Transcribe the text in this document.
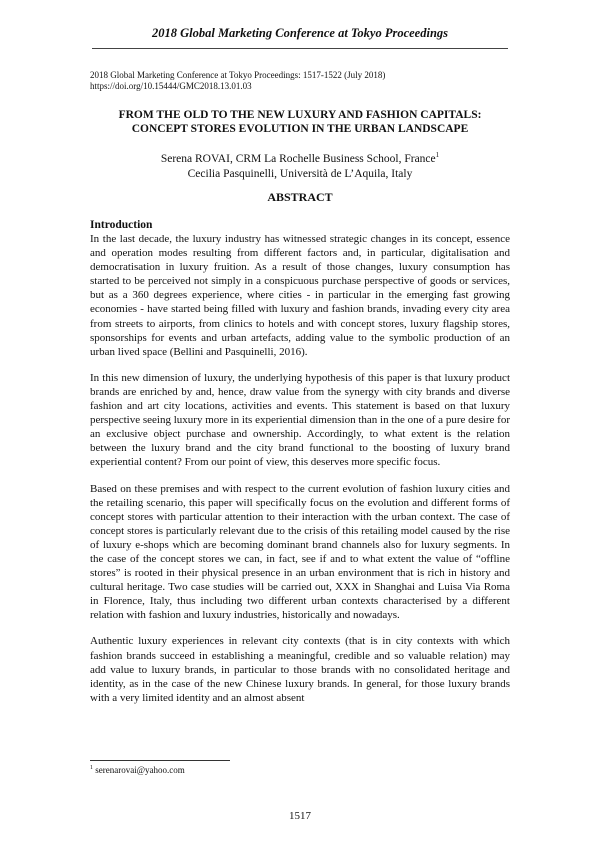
2018 Global Marketing Conference at Tokyo Proceedings
2018 Global Marketing Conference at Tokyo Proceedings: 1517-1522 (July 2018)
https://doi.org/10.15444/GMC2018.13.01.03
FROM THE OLD TO THE NEW LUXURY AND FASHION CAPITALS:
CONCEPT STORES EVOLUTION IN THE URBAN LANDSCAPE
Serena ROVAI, CRM La Rochelle Business School, France$^1$
Cecilia Pasquinelli, Università de L’Aquila, Italy
ABSTRACT
Introduction

In the last decade, the luxury industry has witnessed strategic changes in its concept, essence and operation modes resulting from different factors and, in particular, digitalisation and democratisation in luxury fruition. As a result of those changes, luxury consumption has started to be perceived not simply in a conspicuous purchase perspective of goods or services, but as a 360 degrees experience, where cities - in particular in the emerging fast growing economies - have started being filled with luxury and fashion brands, invading every city area from streets to airports, from clinics to hotels and with concept stores, luxury flagship stores, sponsorships for events and urban artefacts, adding value to the symbolic production of an urban lived space (Bellini and Pasquinelli, 2016).

In this new dimension of luxury, the underlying hypothesis of this paper is that luxury product brands are enriched by and, hence, draw value from the synergy with city brands and diverse fashion and art city locations, activities and events. This statement is based on that luxury perspective seeing luxury more in its experiential dimension than in the one of a pure desire for an exclusive object purchase and ownership. Accordingly, to what extent is the relation between the luxury brand and the city brand functional to the boosting of luxury brand experiential content? From our point of view, this deserves more specific focus.

Based on these premises and with respect to the current evolution of fashion luxury cities and the retailing scenario, this paper will specifically focus on the evolution and different forms of concept stores with particular attention to their interaction with the urban context. The case of concept stores is particularly relevant due to the crisis of this retailing model caused by the rise of luxury e-shops which are becoming dominant brand channels also for luxury segments. In the case of the concept stores we can, in fact, see if and to what extent the value of “offline stores” is rooted in their physical presence in an urban environment that is rich in history and cultural heritage. Two case studies will be carried out, XXX in Shanghai and Luisa Via Roma in Florence, Italy, thus including two different urban contexts characterised by a different relation with fashion and luxury industries, historically and nowadays.

Authentic luxury experiences in relevant city contexts (that is in city contexts with which fashion brands succeed in establishing a meaningful, credible and so valuable relation) may add value to luxury brands, in particular to those brands with no consolidated heritage and identity, as in the case of the new Chinese luxury brands. In general, for those luxury brands with a very limited identity and an almost absent

$^1$ serenarovai@yahoo.com
1517
